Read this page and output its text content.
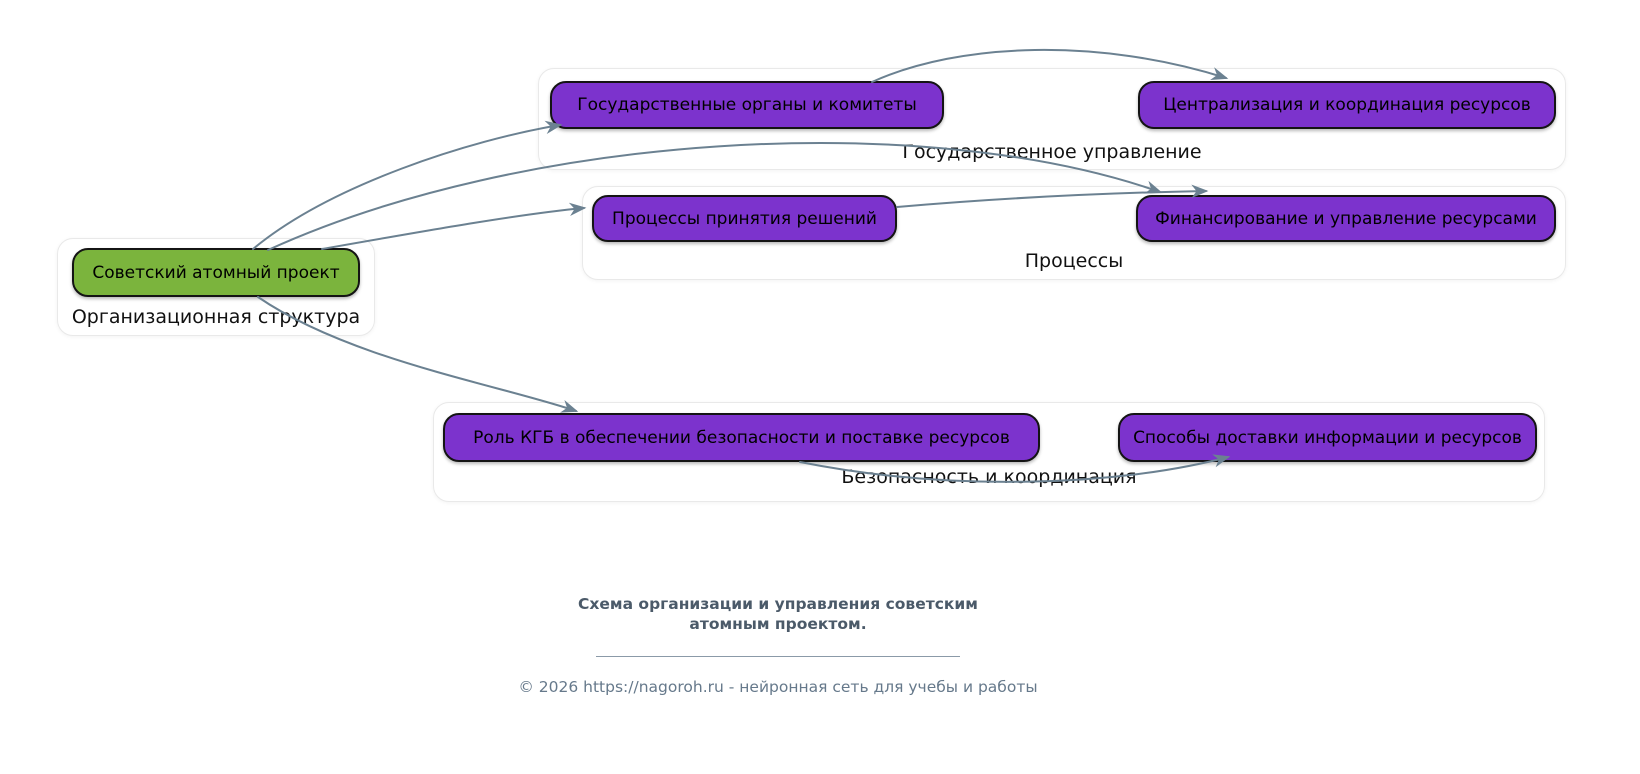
Организационная структура
Советский атомный проект
Государственное управление
Государственные органы и комитеты	Централизация и координация ресурсов
Процессы
Процессы принятия решений	Финансирование и управление ресурсами
Безопасность и координация
Роль КГБ в обеспечении безопасности и поставке ресурсов	Способы доставки информации и ресурсов
Схема организации и управления советским
атомным проектом.
© 2026 https://nagoroh.ru - нейронная сеть для учебы и работы
